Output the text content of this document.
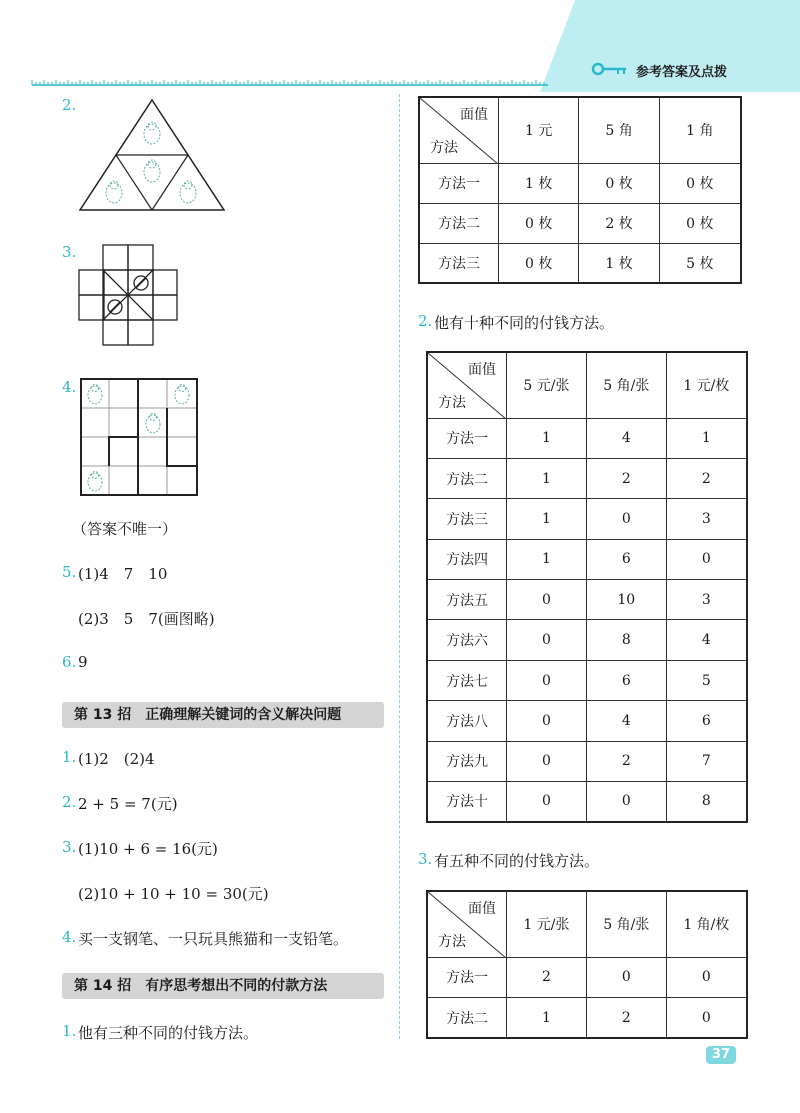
参考答案及点拨
2.
3.
4.
（答案不唯一）
5. (1)4　7　10
(2)3　5　7(画图略)
6. 9
第 13 招　正确理解关键词的含义解决问题
1. (1)2　(2)4
2. 2 + 5 = 7(元)
3. (1)10 + 6 = 16(元)
(2)10 + 10 + 10 = 30(元)
4. 买一支钢笔、一只玩具熊猫和一支铅笔。
第 14 招　有序思考想出不同的付款方法
1. 他有三种不同的付钱方法。
面值
方法	1 元	5 角	1 角
方法一	1 枚	0 枚	0 枚
方法二	0 枚	2 枚	0 枚
方法三	0 枚	1 枚	5 枚
2. 他有十种不同的付钱方法。
面值
方法	5 元/张	5 角/张	1 元/枚
方法一	1	4	1
方法二	1	2	2
方法三	1	0	3
方法四	1	6	0
方法五	0	10	3
方法六	0	8	4
方法七	0	6	5
方法八	0	4	6
方法九	0	2	7
方法十	0	0	8
3. 有五种不同的付钱方法。
面值
方法	1 元/张	5 角/张	1 角/枚
方法一	2	0	0
方法二	1	2	0
37
